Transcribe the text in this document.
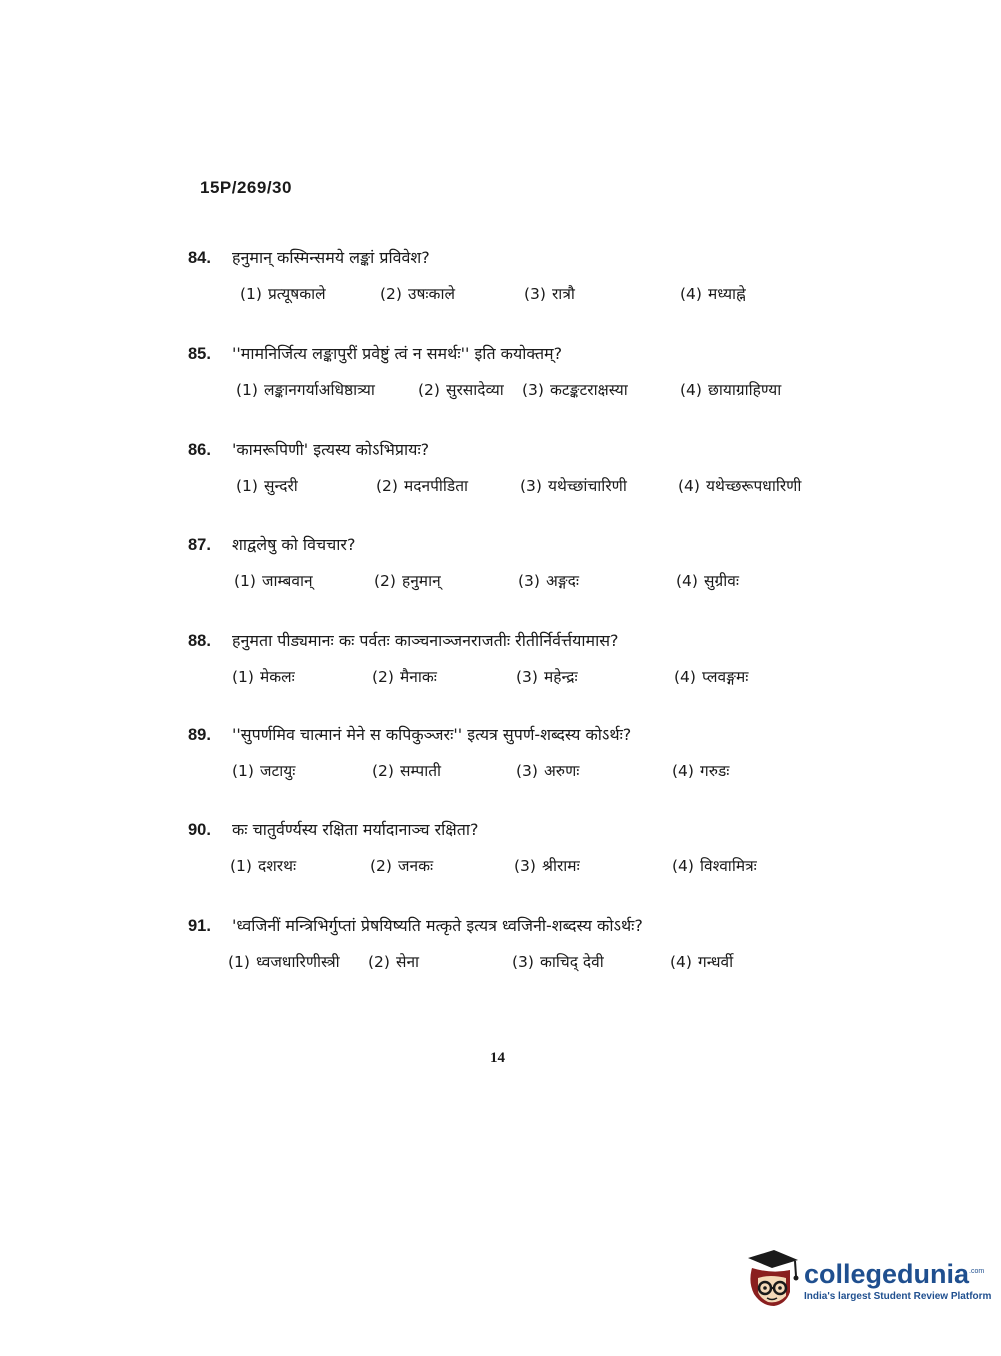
15P/269/30
84.	हनुमान् कस्मिन्समये लङ्कां प्रविवेश?
(1) प्रत्यूषकाले	(2) उषःकाले	(3) रात्रौ	(4) मध्याह्ने
85.	''मामनिर्जित्य लङ्कापुरीं प्रवेष्टुं त्वं न समर्थः'' इति कयोक्तम्?
(1) लङ्कानगर्याअधिष्ठात्र्या	(2) सुरसादेव्या (3) कटङ्कटराक्षस्या	(4) छायाग्राहिण्या
86.	'कामरूपिणी' इत्यस्य कोऽभिप्रायः?
(1) सुन्दरी	(2) मदनपीडिता	(3) यथेच्छांचारिणी	(4) यथेच्छरूपधारिणी
87.	शाद्वलेषु को विचचार?
(1) जाम्बवान्	(2) हनुमान्	(3) अङ्गदः	(4) सुग्रीवः
88.	हनुमता पीड्यमानः कः पर्वतः काञ्चनाञ्जनराजतीः रीतीर्निर्वर्त्तयामास?
(1) मेकलः	(2) मैनाकः	(3) महेन्द्रः	(4) प्लवङ्गमः
89.	''सुपर्णमिव चात्मानं मेने स कपिकुञ्जरः'' इत्यत्र सुपर्ण-शब्दस्य कोऽर्थः?
(1) जटायुः	(2) सम्पाती	(3) अरुणः	(4) गरुडः
90.	कः चातुर्वर्ण्यस्य रक्षिता मर्यादानाञ्च रक्षिता?
(1) दशरथः	(2) जनकः	(3) श्रीरामः	(4) विश्वामित्रः
91.	'ध्वजिनीं मन्त्रिभिर्गुप्तां प्रेषयिष्यति मत्कृते इत्यत्र ध्वजिनी-शब्दस्य कोऽर्थः?
(1) ध्वजधारिणीस्त्री (2) सेना	(3) काचिद् देवी	(4) गन्धर्वी
14
collegedunia$^{.com}$
India's largest Student Review Platform
